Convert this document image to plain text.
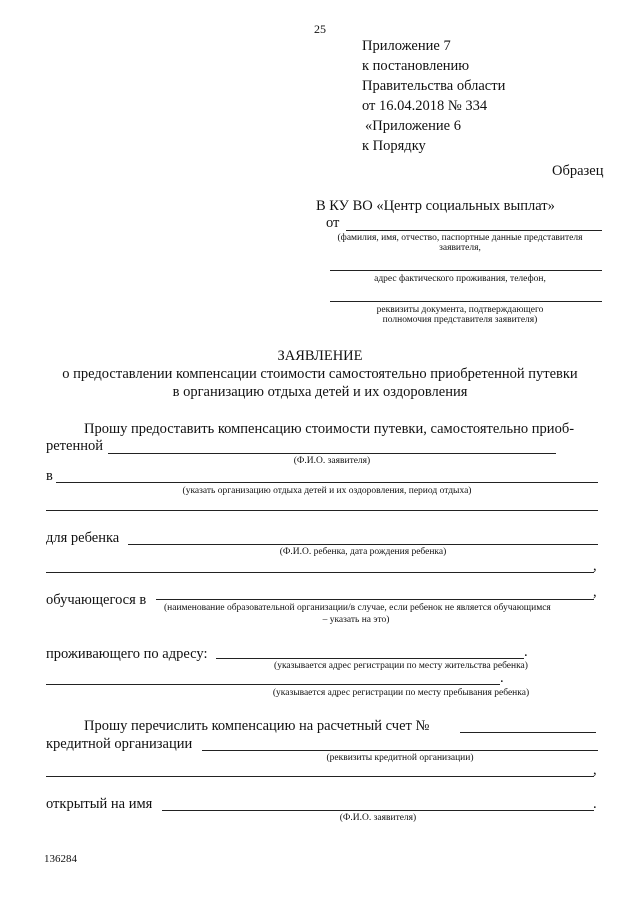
25
Приложение 7
к постановлению
Правительства области
от 16.04.2018 № 334
«Приложение 6
к Порядку
Образец
В КУ ВО «Центр социальных выплат»
от
(фамилия, имя, отчество, паспортные данные представителя
заявителя,
адрес фактического проживания, телефон,
реквизиты документа, подтверждающего
полномочия представителя заявителя)
ЗАЯВЛЕНИЕ
о предоставлении компенсации стоимости самостоятельно приобретенной путевки
в организацию отдыха детей и их оздоровления
Прошу предоставить компенсацию стоимости путевки, самостоятельно приоб-
ретенной
(Ф.И.О. заявителя)
в
(указать организацию отдыха детей и их оздоровления, период отдыха)
для ребенка
(Ф.И.О. ребенка, дата рождения ребенка)
,
обучающегося в	,
(наименование образовательной организации/в случае, если ребенок не является обучающимся
– указать на это)
проживающего по адресу:	.
(указывается адрес регистрации по месту жительства ребенка)
.
(указывается адрес регистрации по месту пребывания ребенка)
Прошу перечислить компенсацию на расчетный счет №
кредитной организации
(реквизиты кредитной организации)
,
открытый на имя	.
(Ф.И.О. заявителя)
136284
